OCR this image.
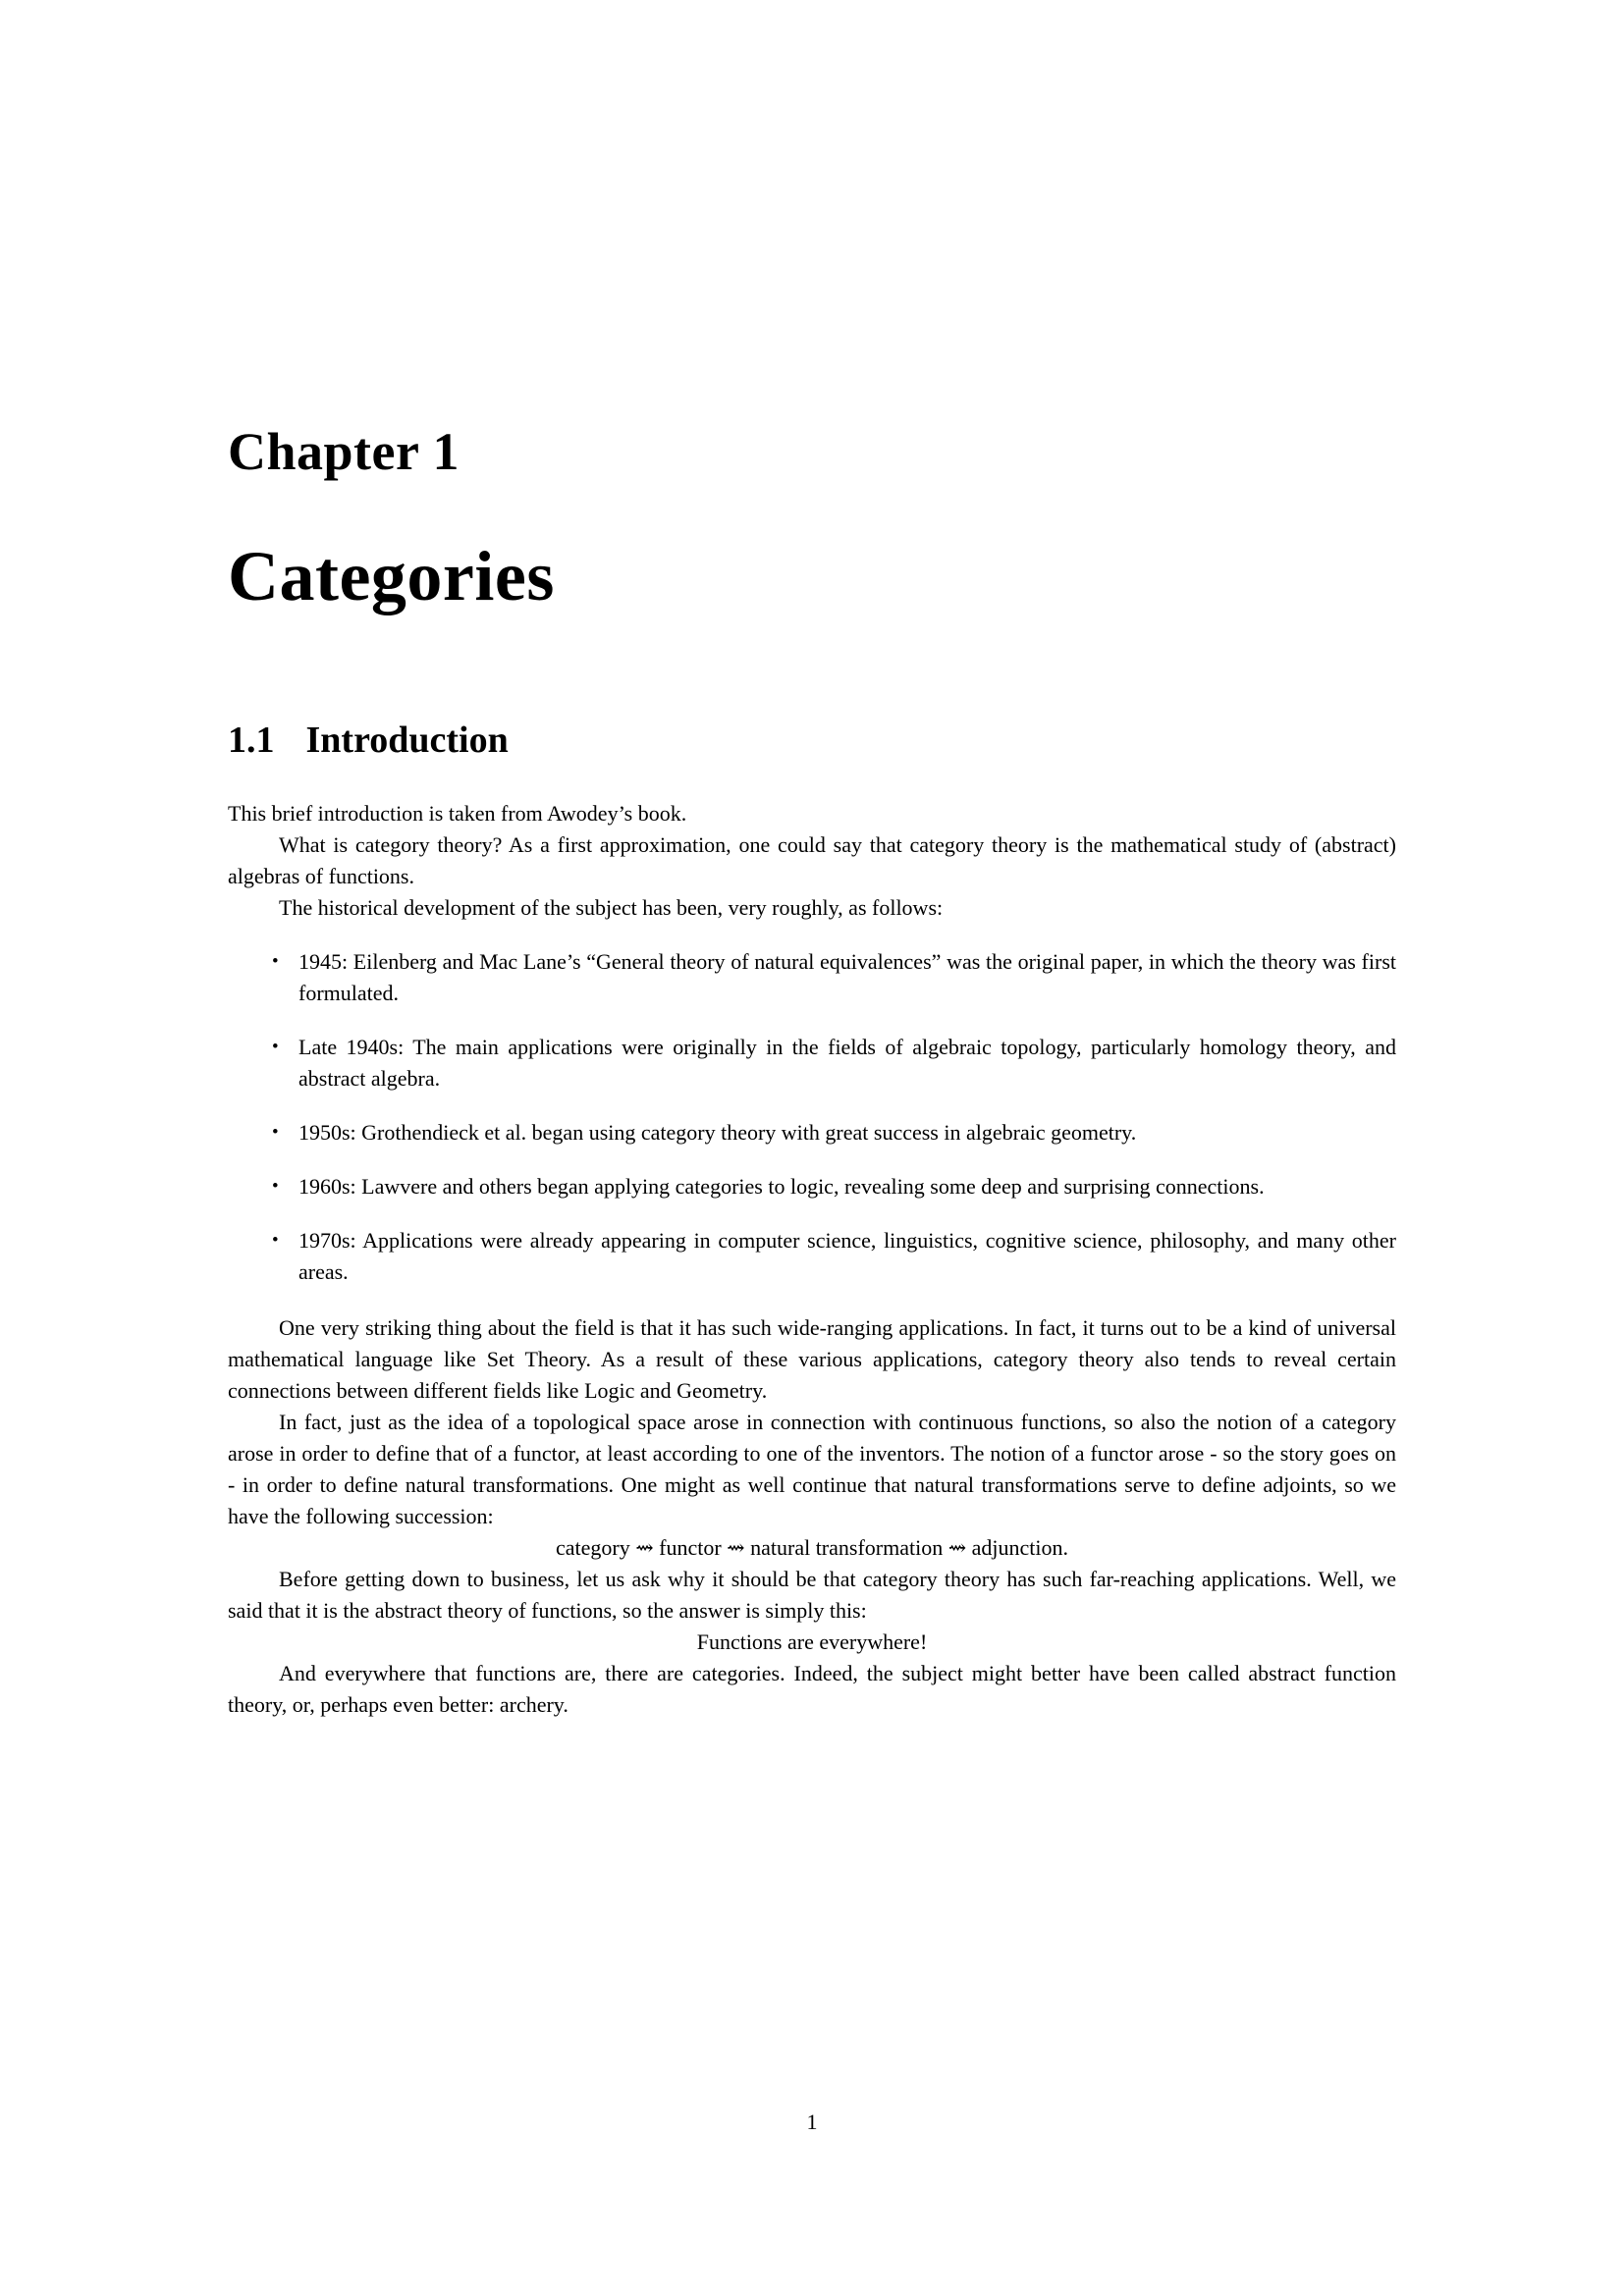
Chapter 1
Categories
1.1 Introduction

This brief introduction is taken from Awodey’s book.

What is category theory? As a first approximation, one could say that category theory is the mathematical study of (abstract) algebras of functions.

The historical development of the subject has been, very roughly, as follows:

• 1945: Eilenberg and Mac Lane’s “General theory of natural equivalences” was the original paper, in which the theory was first formulated.
• Late 1940s: The main applications were originally in the fields of algebraic topology, particularly homology theory, and abstract algebra.
• 1950s: Grothendieck et al. began using category theory with great success in algebraic geometry.
• 1960s: Lawvere and others began applying categories to logic, revealing some deep and surprising connections.
• 1970s: Applications were already appearing in computer science, linguistics, cognitive science, philosophy, and many other areas.

One very striking thing about the field is that it has such wide-ranging applications. In fact, it turns out to be a kind of universal mathematical language like Set Theory. As a result of these various applications, category theory also tends to reveal certain connections between different fields like Logic and Geometry.

In fact, just as the idea of a topological space arose in connection with continuous functions, so also the notion of a category arose in order to define that of a functor, at least according to one of the inventors. The notion of a functor arose - so the story goes on - in order to define natural transformations. One might as well continue that natural transformations serve to define adjoints, so we have the following succession:

category ⇝ functor ⇝ natural transformation ⇝ adjunction.

Before getting down to business, let us ask why it should be that category theory has such far-reaching applications. Well, we said that it is the abstract theory of functions, so the answer is simply this:

Functions are everywhere!

And everywhere that functions are, there are categories. Indeed, the subject might better have been called abstract function theory, or, perhaps even better: archery.

1
